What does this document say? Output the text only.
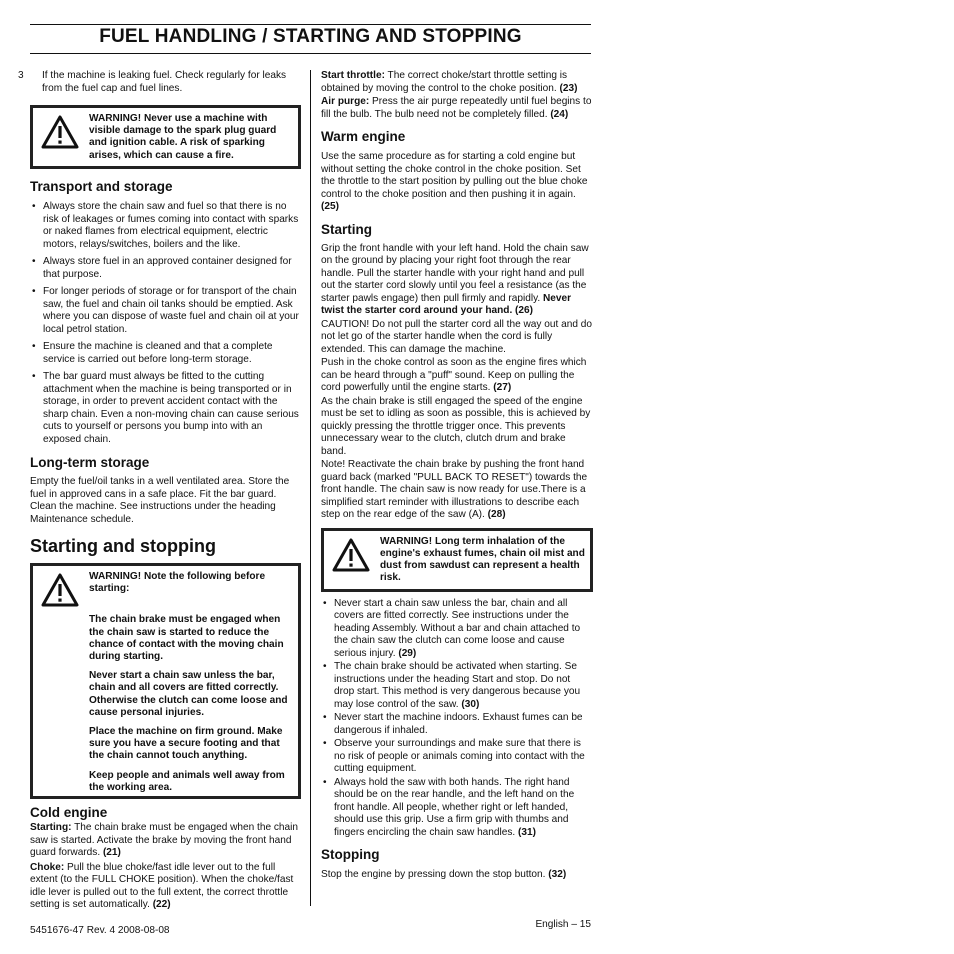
FUEL HANDLING / STARTING AND STOPPING

3 If the machine is leaking fuel. Check regularly for leaks from the fuel cap and fuel lines.

WARNING! Never use a machine with visible damage to the spark plug guard and ignition cable. A risk of sparking arises, which can cause a fire.
Transport and storage
• Always store the chain saw and fuel so that there is no risk of leakages or fumes coming into contact with sparks or naked flames from electrical equipment, electric motors, relays/switches, boilers and the like.
• Always store fuel in an approved container designed for that purpose.
• For longer periods of storage or for transport of the chain saw, the fuel and chain oil tanks should be emptied. Ask where you can dispose of waste fuel and chain oil at your local petrol station.
• Ensure the machine is cleaned and that a complete service is carried out before long-term storage.
• The bar guard must always be fitted to the cutting attachment when the machine is being transported or in storage, in order to prevent accident contact with the sharp chain. Even a non-moving chain can cause serious cuts to yourself or persons you bump into with an exposed chain.
Long-term storage

Empty the fuel/oil tanks in a well ventilated area. Store the fuel in approved cans in a safe place. Fit the bar guard. Clean the machine. See instructions under the heading Maintenance schedule.

Starting and stopping

WARNING! Note the following before starting:

The chain brake must be engaged when the chain saw is started to reduce the chance of contact with the moving chain during starting.

Never start a chain saw unless the bar, chain and all covers are fitted correctly. Otherwise the clutch can come loose and cause personal injuries.

Place the machine on firm ground. Make sure you have a secure footing and that the chain cannot touch anything.

Keep people and animals well away from the working area.

Cold engine

Starting: The chain brake must be engaged when the chain saw is started. Activate the brake by moving the front hand guard forwards. (21)

Choke: Pull the blue choke/fast idle lever out to the full extent (to the FULL CHOKE position). When the choke/fast idle lever is pulled out to the full extent, the correct throttle setting is set automatically. (22)

Start throttle: The correct choke/start throttle setting is obtained by moving the control to the choke position. (23)

Air purge: Press the air purge repeatedly until fuel begins to fill the bulb. The bulb need not be completely filled. (24)

Warm engine

Use the same procedure as for starting a cold engine but without setting the choke control in the choke position. Set the throttle to the start position by pulling out the blue choke control to the choke position and then pushing it in again. (25)

Starting

Grip the front handle with your left hand. Hold the chain saw on the ground by placing your right foot through the rear handle. Pull the starter handle with your right hand and pull out the starter cord slowly until you feel a resistance (as the starter pawls engage) then pull firmly and rapidly. Never twist the starter cord around your hand. (26)

CAUTION! Do not pull the starter cord all the way out and do not let go of the starter handle when the cord is fully extended. This can damage the machine.

Push in the choke control as soon as the engine fires which can be heard through a "puff" sound. Keep on pulling the cord powerfully until the engine starts. (27)

As the chain brake is still engaged the speed of the engine must be set to idling as soon as possible, this is achieved by quickly pressing the throttle trigger once. This prevents unnecessary wear to the clutch, clutch drum and brake band.

Note! Reactivate the chain brake by pushing the front hand guard back (marked "PULL BACK TO RESET") towards the front handle. The chain saw is now ready for use.There is a simplified start reminder with illustrations to describe each step on the rear edge of the saw (A). (28)

WARNING! Long term inhalation of the engine's exhaust fumes, chain oil mist and dust from sawdust can represent a health risk.
• Never start a chain saw unless the bar, chain and all covers are fitted correctly. See instructions under the heading Assembly. Without a bar and chain attached to the chain saw the clutch can come loose and cause serious injury. (29)
• The chain brake should be activated when starting. Se instructions under the heading Start and stop. Do not drop start. This method is very dangerous because you may lose control of the saw. (30)
• Never start the machine indoors. Exhaust fumes can be dangerous if inhaled.
• Observe your surroundings and make sure that there is no risk of people or animals coming into contact with the cutting equipment.
• Always hold the saw with both hands. The right hand should be on the rear handle, and the left hand on the front handle. All people, whether right or left handed, should use this grip. Use a firm grip with thumbs and fingers encircling the chain saw handles. (31)
Stopping

Stop the engine by pressing down the stop button. (32)

5451676-47 Rev. 4 2008-08-08
English – 15
